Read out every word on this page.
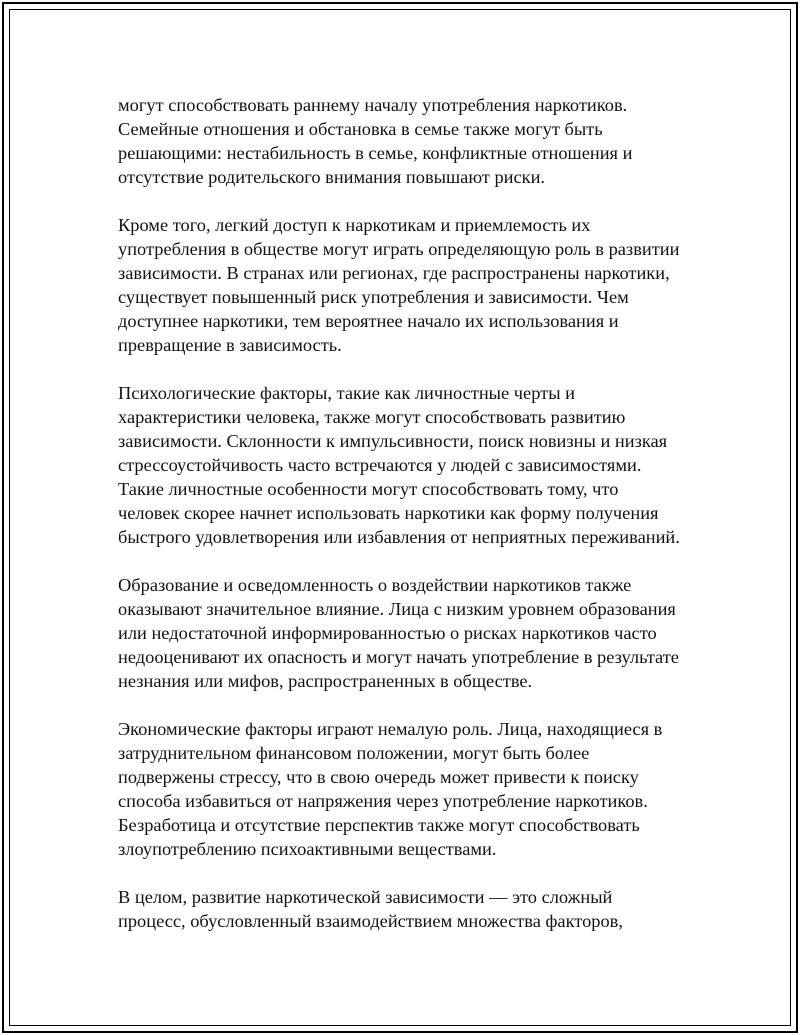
могут способствовать раннему началу употребления наркотиков.
Семейные отношения и обстановка в семье также могут быть
решающими: нестабильность в семье, конфликтные отношения и
отсутствие родительского внимания повышают риски.

Кроме того, легкий доступ к наркотикам и приемлемость их
употребления в обществе могут играть определяющую роль в развитии
зависимости. В странах или регионах, где распространены наркотики,
существует повышенный риск употребления и зависимости. Чем
доступнее наркотики, тем вероятнее начало их использования и
превращение в зависимость.

Психологические факторы, такие как личностные черты и
характеристики человека, также могут способствовать развитию
зависимости. Склонности к импульсивности, поиск новизны и низкая
стрессоустойчивость часто встречаются у людей с зависимостями.
Такие личностные особенности могут способствовать тому, что
человек скорее начнет использовать наркотики как форму получения
быстрого удовлетворения или избавления от неприятных переживаний.

Образование и осведомленность о воздействии наркотиков также
оказывают значительное влияние. Лица с низким уровнем образования
или недостаточной информированностью о рисках наркотиков часто
недооценивают их опасность и могут начать употребление в результате
незнания или мифов, распространенных в обществе.

Экономические факторы играют немалую роль. Лица, находящиеся в
затруднительном финансовом положении, могут быть более
подвержены стрессу, что в свою очередь может привести к поиску
способа избавиться от напряжения через употребление наркотиков.
Безработица и отсутствие перспектив также могут способствовать
злоупотреблению психоактивными веществами.

В целом, развитие наркотической зависимости — это сложный
процесс, обусловленный взаимодействием множества факторов,
